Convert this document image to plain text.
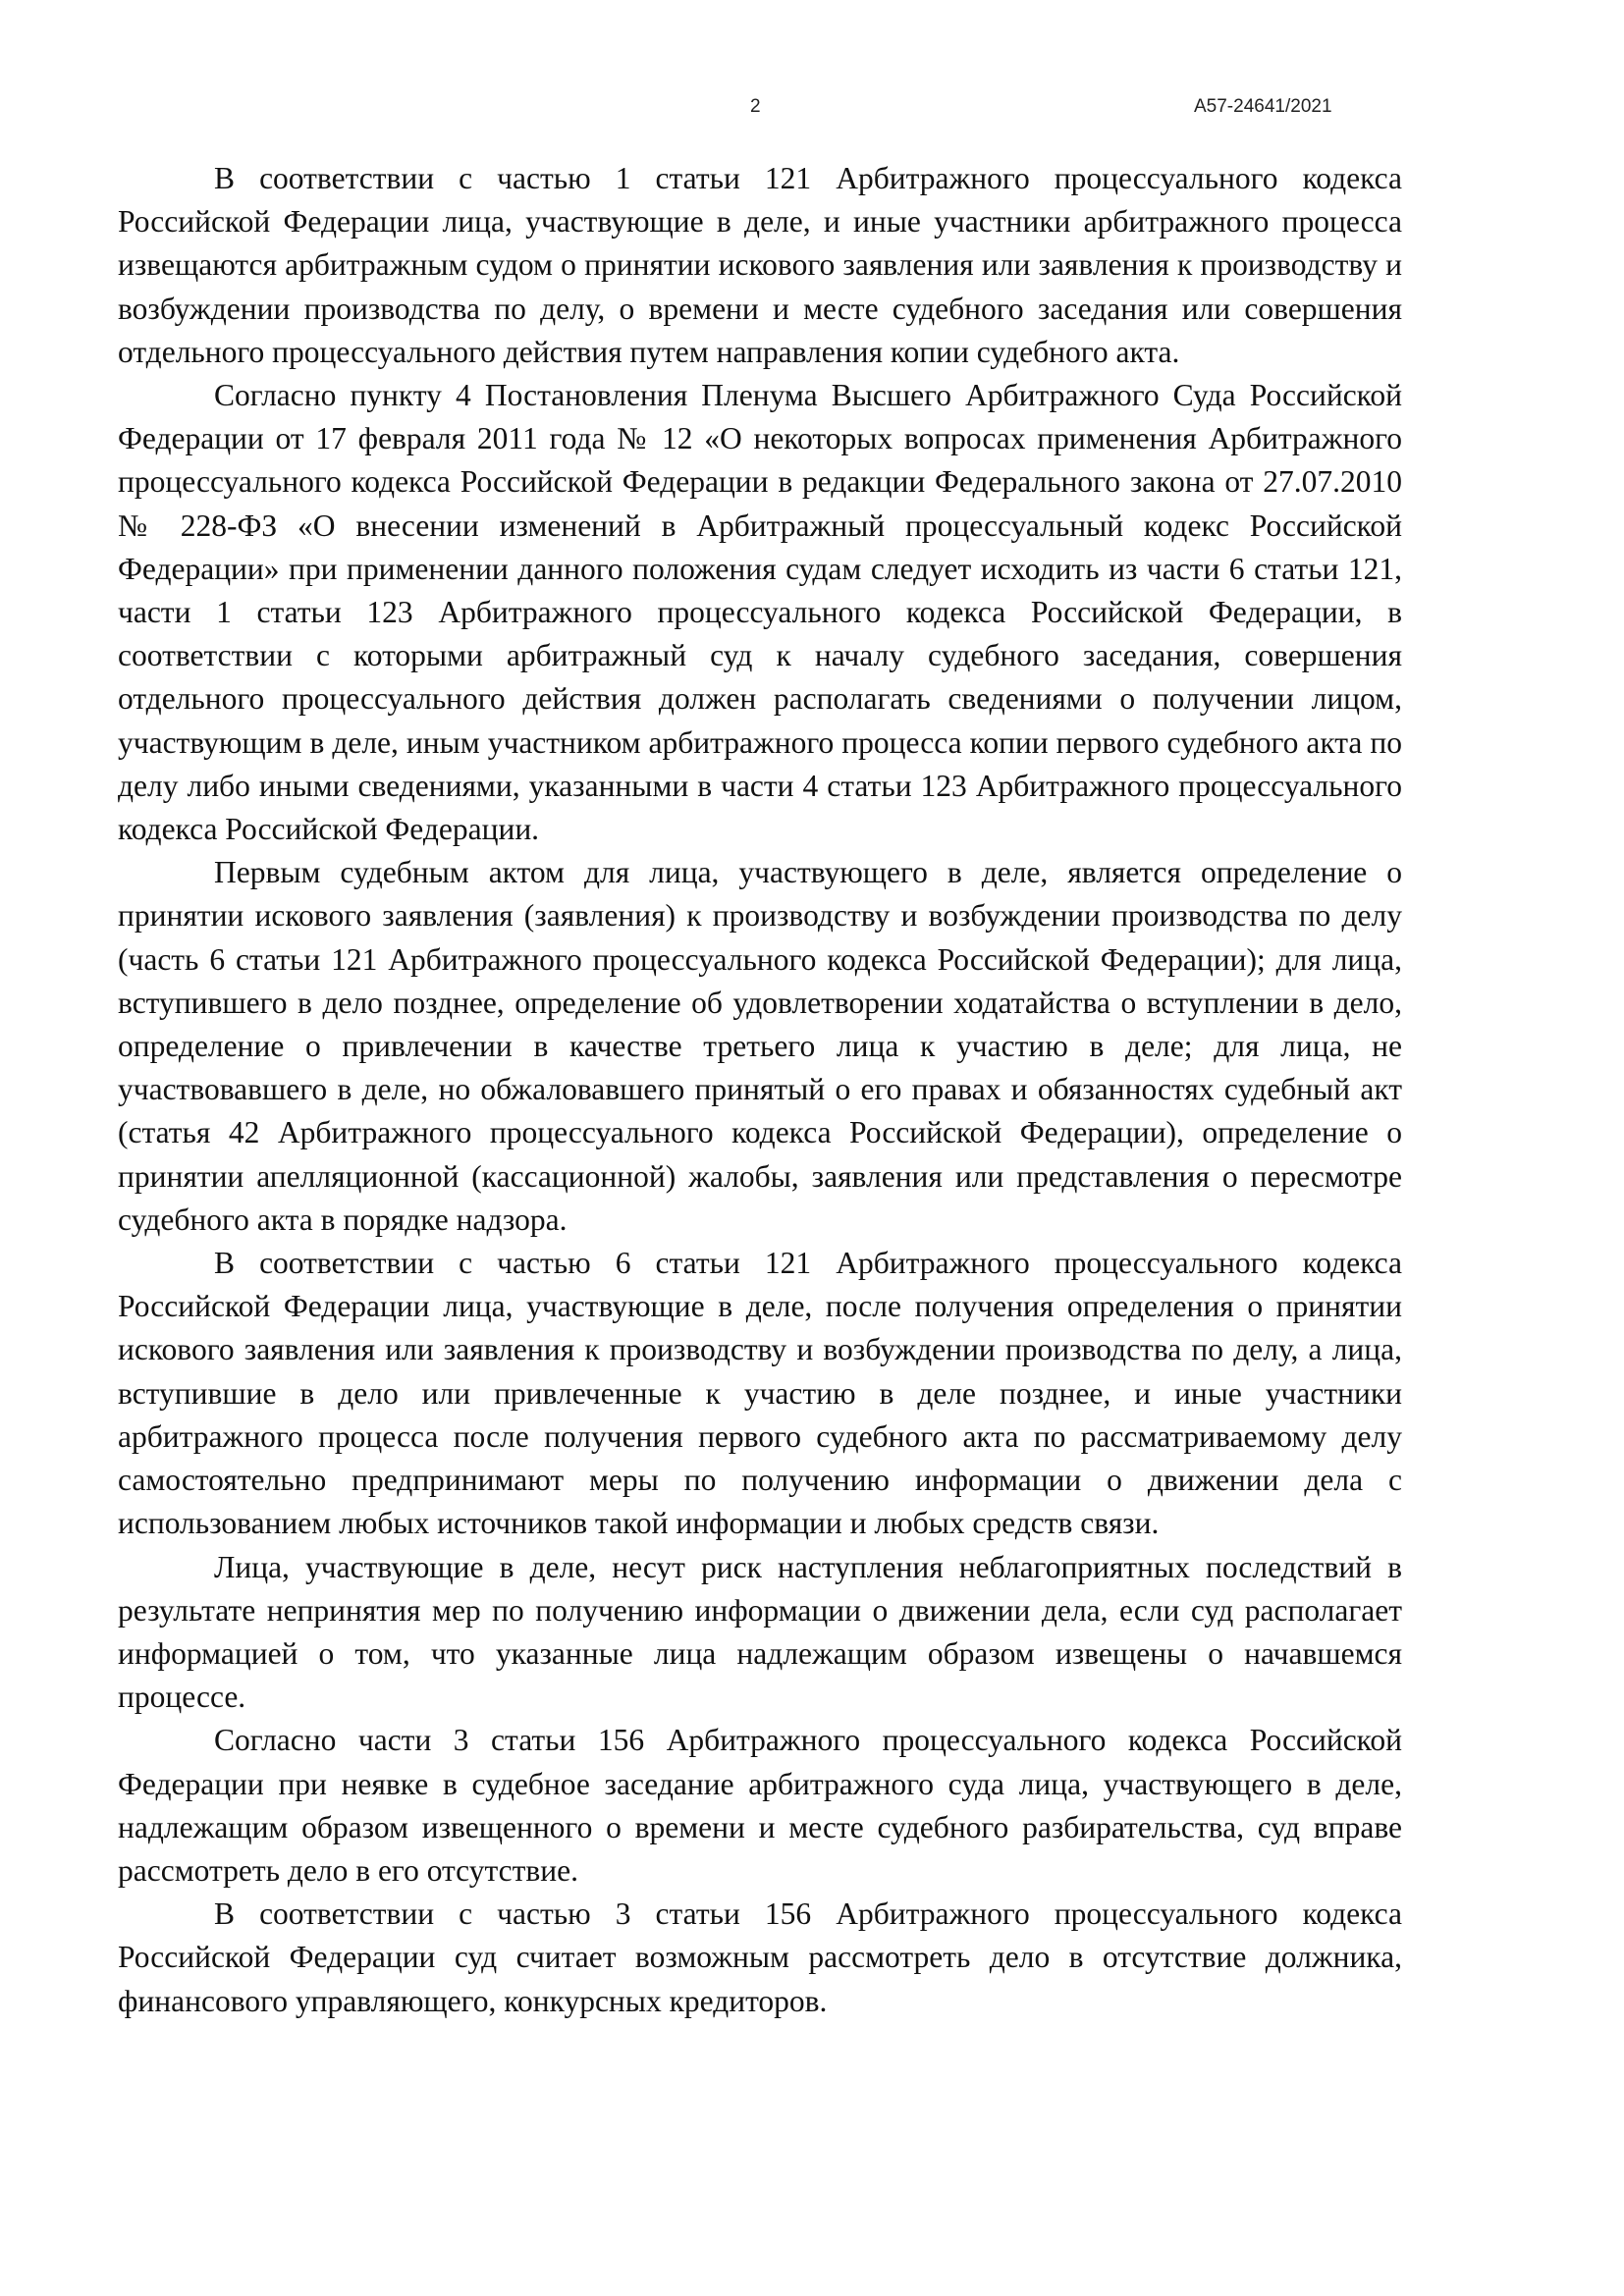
2	А57-24641/2021

В соответствии с частью 1 статьи 121 Арбитражного процессуального кодекса Российской Федерации лица, участвующие в деле, и иные участники арбитражного процесса извещаются арбитражным судом о принятии искового заявления или заявления к производству и возбуждении производства по делу, о времени и месте судебного заседания или совершения отдельного процессуального действия путем направления копии судебного акта.

Согласно пункту 4 Постановления Пленума Высшего Арбитражного Суда Российской Федерации от 17 февраля 2011 года № 12 «О некоторых вопросах применения Арбитражного процессуального кодекса Российской Федерации в редакции Федерального закона от 27.07.2010 № 228-ФЗ «О внесении изменений в Арбитражный процессуальный кодекс Российской Федерации» при применении данного положения судам следует исходить из части 6 статьи 121, части 1 статьи 123 Арбитражного процессуального кодекса Российской Федерации, в соответствии с которыми арбитражный суд к началу судебного заседания, совершения отдельного процессуального действия должен располагать сведениями о получении лицом, участвующим в деле, иным участником арбитражного процесса копии первого судебного акта по делу либо иными сведениями, указанными в части 4 статьи 123 Арбитражного процессуального кодекса Российской Федерации.

Первым судебным актом для лица, участвующего в деле, является определение о принятии искового заявления (заявления) к производству и возбуждении производства по делу (часть 6 статьи 121 Арбитражного процессуального кодекса Российской Федерации); для лица, вступившего в дело позднее, определение об удовлетворении ходатайства о вступлении в дело, определение о привлечении в качестве третьего лица к участию в деле; для лица, не участвовавшего в деле, но обжаловавшего принятый о его правах и обязанностях судебный акт (статья 42 Арбитражного процессуального кодекса Российской Федерации), определение о принятии апелляционной (кассационной) жалобы, заявления или представления о пересмотре судебного акта в порядке надзора.

В соответствии с частью 6 статьи 121 Арбитражного процессуального кодекса Российской Федерации лица, участвующие в деле, после получения определения о принятии искового заявления или заявления к производству и возбуждении производства по делу, а лица, вступившие в дело или привлеченные к участию в деле позднее, и иные участники арбитражного процесса после получения первого судебного акта по рассматриваемому делу самостоятельно предпринимают меры по получению информации о движении дела с использованием любых источников такой информации и любых средств связи.

Лица, участвующие в деле, несут риск наступления неблагоприятных последствий в результате непринятия мер по получению информации о движении дела, если суд располагает информацией о том, что указанные лица надлежащим образом извещены о начавшемся процессе.

Согласно части 3 статьи 156 Арбитражного процессуального кодекса Российской Федерации при неявке в судебное заседание арбитражного суда лица, участвующего в деле, надлежащим образом извещенного о времени и месте судебного разбирательства, суд вправе рассмотреть дело в его отсутствие.

В соответствии с частью 3 статьи 156 Арбитражного процессуального кодекса Российской Федерации суд считает возможным рассмотреть дело в отсутствие должника, финансового управляющего, конкурсных кредиторов.
